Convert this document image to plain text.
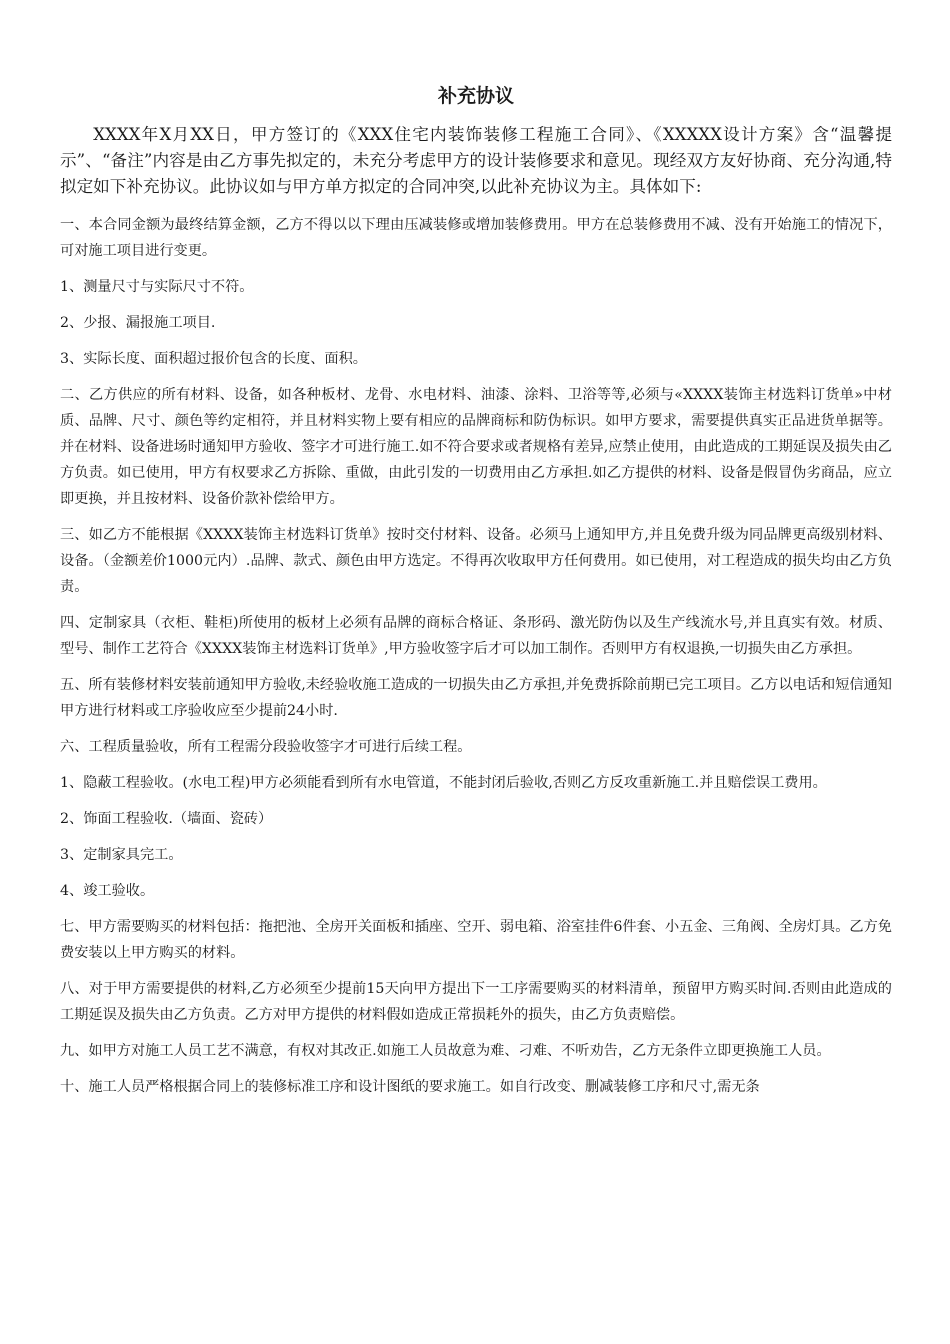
补充协议

XXXX年X月XX日，甲方签订的《XXX住宅内装饰装修工程施工合同》、《XXXXX设计方案》含“温馨提示”、“备注”内容是由乙方事先拟定的，未充分考虑甲方的设计装修要求和意见。现经双方友好协商、充分沟通,特拟定如下补充协议。此协议如与甲方单方拟定的合同冲突,以此补充协议为主。具体如下:

一、本合同金额为最终结算金额，乙方不得以以下理由压减装修或增加装修费用。甲方在总装修费用不减、没有开始施工的情况下，可对施工项目进行变更。

1、测量尺寸与实际尺寸不符。

2、少报、漏报施工项目.

3、实际长度、面积超过报价包含的长度、面积。

二、乙方供应的所有材料、设备，如各种板材、龙骨、水电材料、油漆、涂料、卫浴等等,必须与«XXXX装饰主材选料订货单»中材质、品牌、尺寸、颜色等约定相符，并且材料实物上要有相应的品牌商标和防伪标识。如甲方要求，需要提供真实正品进货单据等。并在材料、设备进场时通知甲方验收、签字才可进行施工.如不符合要求或者规格有差异,应禁止使用，由此造成的工期延误及损失由乙方负责。如已使用，甲方有权要求乙方拆除、重做，由此引发的一切费用由乙方承担.如乙方提供的材料、设备是假冒伪劣商品，应立即更换，并且按材料、设备价款补偿给甲方。

三、如乙方不能根据《XXXX装饰主材选料订货单》按时交付材料、设备。必须马上通知甲方,并且免费升级为同品牌更高级别材料、设备。（金额差价1000元内）.品牌、款式、颜色由甲方选定。不得再次收取甲方任何费用。如已使用，对工程造成的损失均由乙方负责。

四、定制家具（衣柜、鞋柜)所使用的板材上必须有品牌的商标合格证、条形码、激光防伪以及生产线流水号,并且真实有效。材质、型号、制作工艺符合《XXXX装饰主材选料订货单》,甲方验收签字后才可以加工制作。否则甲方有权退换,一切损失由乙方承担。

五、所有装修材料安装前通知甲方验收,未经验收施工造成的一切损失由乙方承担,并免费拆除前期已完工项目。乙方以电话和短信通知甲方进行材料或工序验收应至少提前24小时.

六、工程质量验收，所有工程需分段验收签字才可进行后续工程。

1、隐蔽工程验收。(水电工程)甲方必须能看到所有水电管道，不能封闭后验收,否则乙方反攻重新施工.并且赔偿误工费用。

2、饰面工程验收.（墙面、瓷砖）

3、定制家具完工。

4、竣工验收。

七、甲方需要购买的材料包括：拖把池、全房开关面板和插座、空开、弱电箱、浴室挂件6件套、小五金、三角阀、全房灯具。乙方免费安装以上甲方购买的材料。

八、对于甲方需要提供的材料,乙方必须至少提前15天向甲方提出下一工序需要购买的材料清单，预留甲方购买时间.否则由此造成的工期延误及损失由乙方负责。乙方对甲方提供的材料假如造成正常损耗外的损失，由乙方负责赔偿。

九、如甲方对施工人员工艺不满意，有权对其改正.如施工人员故意为难、刁难、不听劝告，乙方无条件立即更换施工人员。

十、施工人员严格根据合同上的装修标准工序和设计图纸的要求施工。如自行改变、删减装修工序和尺寸,需无条
